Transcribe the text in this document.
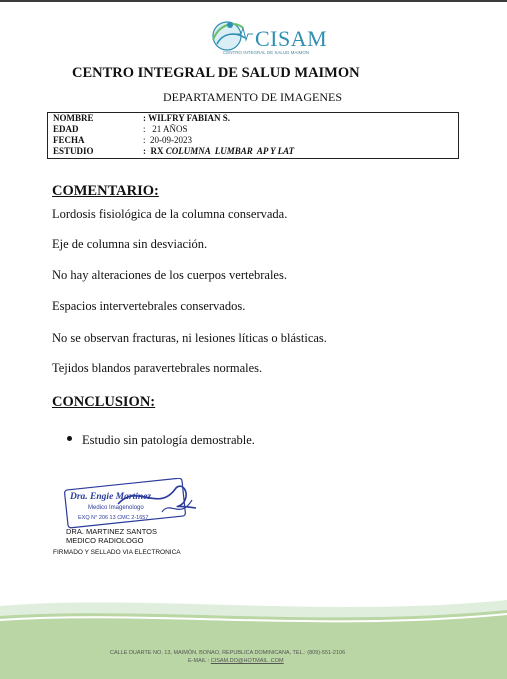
CISAM
CENTRO INTEGRAL DE SALUD MAIMON
CENTRO INTEGRAL DE SALUD MAIMON
DEPARTAMENTO DE IMAGENES
NOMBRE	: WILFRY FABIAN S.
EDAD	:   21 AÑOS
FECHA	:  20-09-2023
ESTUDIO	:  RX COLUMNA  LUMBAR  AP Y LAT
COMENTARIO:
Lordosis fisiológica de la columna conservada.
Eje de columna sin desviación.
No hay alteraciones de los cuerpos vertebrales.
Espacios intervertebrales conservados.
No se observan fracturas, ni lesiones líticas o blásticas.
Tejidos blandos paravertebrales normales.
CONCLUSION:
Estudio sin patología demostrable.
Dra. Engie Martinez
Medico Imagenologo
EXQ N° 206 13 CMC 2-1657
DRA. MARTINEZ SANTOS
MEDICO RADIOLOGO
FIRMADO Y SELLADO VIA ELECTRONICA
CALLE DUARTE NO. 13, MAIMÓN, BONAO, REPUBLICA DOMINICANA, TEL.: (809)-551-2106
E-MAIL : CISAM.DO@HOTMAIL .COM
